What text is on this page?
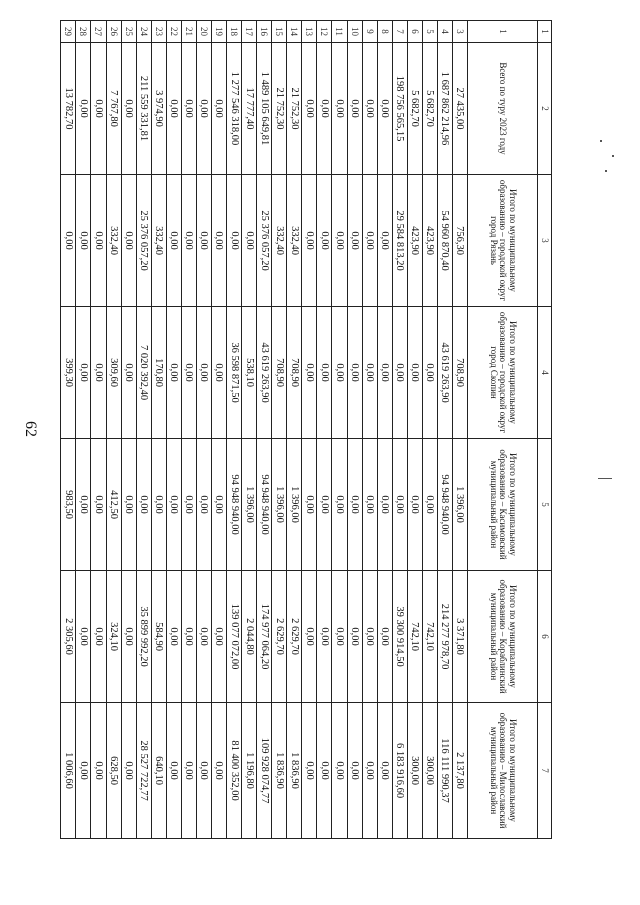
62
1	2	3	4	5	6	7
1	Всего по туру 2023 году	Итого по муниципальному образованию – городской округ город Рязань	Итого по муниципальному образованию – городской округ город Скопин	Итого по муниципальному образованию – Касимовский муниципальный район	Итого по муниципальному образованию – Кораблинский муниципальный район	Итого по муниципальному образованию – Милославский муниципальный район
3	27 435,00	756,30	708,90	1 396,00	3 371,80	2 137,80
4	1 687 862 214,96	54 960 870,40	43 619 263,90	94 948 940,00	214 277 978,70	116 111 990,37
5	5 682,70	423,90	0,00	0,00	742,10	300,00
6	5 682,70	423,90	0,00	0,00	742,10	300,00
7	198 756 565,15	29 584 813,20	0,00	0,00	39 300 914,50	6 183 916,60
8	0,00	0,00	0,00	0,00	0,00	0,00
9	0,00	0,00	0,00	0,00	0,00	0,00
10	0,00	0,00	0,00	0,00	0,00	0,00
11	0,00	0,00	0,00	0,00	0,00	0,00
12	0,00	0,00	0,00	0,00	0,00	0,00
13	0,00	0,00	0,00	0,00	0,00	0,00
14	21 752,30	332,40	708,90	1 396,00	2 629,70	1 836,90
15	21 752,30	332,40	708,90	1 396,00	2 629,70	1 836,90
16	1 489 105 649,81	25 376 057,20	43 619 263,90	94 948 940,00	174 977 064,20	109 928 074,77
17	17 777,40	0,00	538,10	1 396,00	2 044,80	1 196,80
18	1 277 546 318,00	0,00	36 598 871,50	94 948 940,00	139 077 072,00	81 400 352,00
19	0,00	0,00	0,00	0,00	0,00	0,00
20	0,00	0,00	0,00	0,00	0,00	0,00
21	0,00	0,00	0,00	0,00	0,00	0,00
22	0,00	0,00	0,00	0,00	0,00	0,00
23	3 974,90	332,40	170,80	0,00	584,90	640,10
24	211 559 331,81	25 376 057,20	7 020 392,40	0,00	35 899 992,20	28 527 722,77
25	0,00	0,00	0,00	0,00	0,00	0,00
26	7 767,80	332,40	309,60	412,50	324,10	628,50
27	0,00	0,00	0,00	0,00	0,00	0,00
28	0,00	0,00	0,00	0,00	0,00	0,00
29	13 782,70	0,00	399,30	983,50	2 305,60	1 006,60
